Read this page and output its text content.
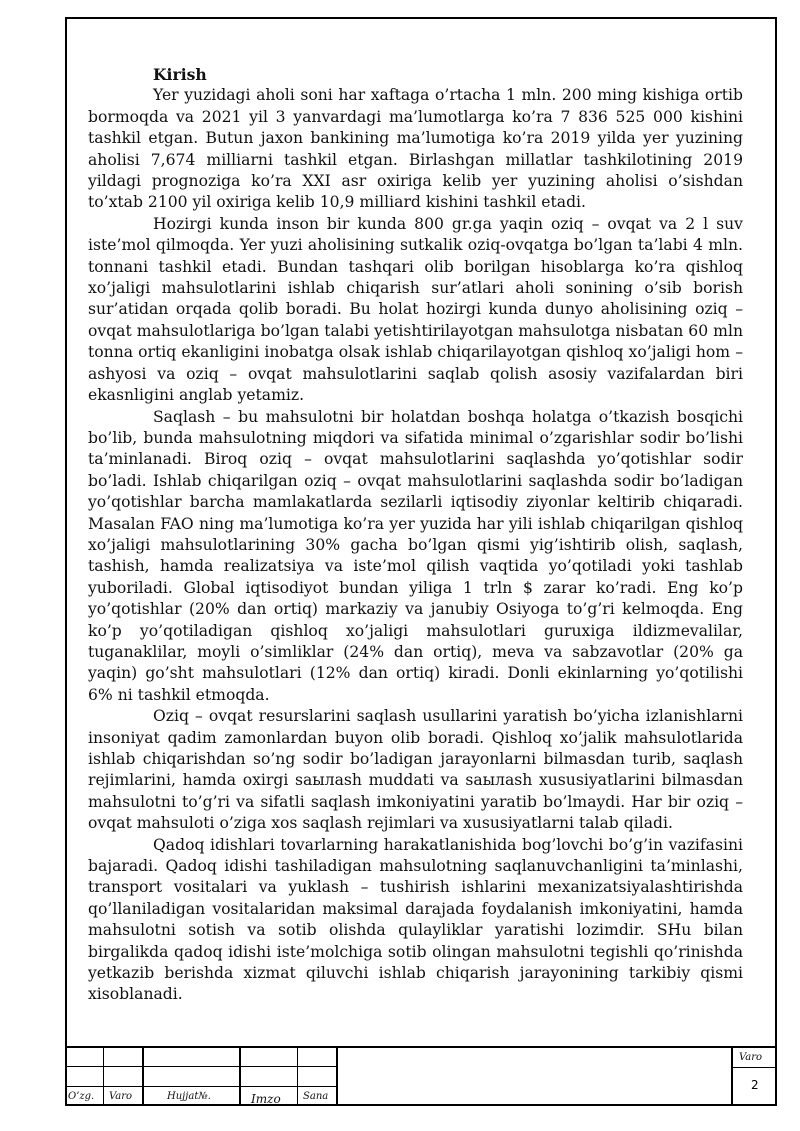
Kirish

Yer yuzidagi aholi soni har xaftaga o’rtacha 1 mln. 200 ming kishiga ortib bormoqda va 2021 yil 3 yanvardagi ma’lumotlarga ko’ra 7 836 525 000 kishini tashkil etgan. Butun jaxon bankining ma’lumotiga ko’ra 2019 yilda yer yuzining aholisi 7,674 milliarni tashkil etgan. Birlashgan millatlar tashkilotining 2019 yildagi prognoziga ko’ra XXI asr oxiriga kelib yer yuzining aholisi o’sishdan to’xtab 2100 yil oxiriga kelib 10,9 milliard kishini tashkil etadi.

Hozirgi kunda inson bir kunda 800 gr.ga yaqin oziq – ovqat va 2 l suv iste’mol qilmoqda. Yer yuzi aholisining sutkalik oziq-ovqatga bo’lgan ta’labi 4 mln. tonnani tashkil etadi. Bundan tashqari olib borilgan hisoblarga ko’ra qishloq xo’jaligi mahsulotlarini ishlab chiqarish sur’atlari aholi sonining o’sib borish sur’atidan orqada qolib boradi. Bu holat hozirgi kunda dunyo aholisining oziq – ovqat mahsulotlariga bo’lgan talabi yetishtirilayotgan mahsulotga nisbatan 60 mln tonna ortiq ekanligini inobatga olsak ishlab chiqarilayotgan qishloq xo’jaligi hom – ashyosi va oziq – ovqat mahsulotlarini saqlab qolish asosiy vazifalardan biri ekasnligini anglab yetamiz.

Saqlash – bu mahsulotni bir holatdan boshqa holatga o’tkazish bosqichi bo’lib, bunda mahsulotning miqdori va sifatida minimal o’zgarishlar sodir bo’lishi ta’minlanadi. Biroq oziq – ovqat mahsulotlarini saqlashda yo’qotishlar sodir bo’ladi. Ishlab chiqarilgan oziq – ovqat mahsulotlarini saqlashda sodir bo’ladigan yo’qotishlar barcha mamlakatlarda sezilarli iqtisodiy ziyonlar keltirib chiqaradi. Masalan FAO ning ma’lumotiga ko’ra yer yuzida har yili ishlab chiqarilgan qishloq xo’jaligi mahsulotlarining 30% gacha bo’lgan qismi yig’ishtirib olish, saqlash, tashish, hamda realizatsiya va iste’mol qilish vaqtida yo’qotiladi yoki tashlab yuboriladi. Global iqtisodiyot bundan yiliga 1 trln $ zarar ko’radi. Eng ko’p yo’qotishlar (20% dan ortiq) markaziy va janubiy Osiyoga to’g’ri kelmoqda. Eng ko’p yo’qotiladigan qishloq xo’jaligi mahsulotlari guruxiga ildizmevalilar, tuganaklilar, moyli o’simliklar (24% dan ortiq), meva va sabzavotlar (20% ga yaqin) go’sht mahsulotlari (12% dan ortiq) kiradi. Donli ekinlarning yo’qotilishi 6% ni tashkil etmoqda.

Oziq – ovqat resurslarini saqlash usullarini yaratish bo’yicha izlanishlarni insoniyat qadim zamonlardan buyon olib boradi. Qishloq xo’jalik mahsulotlarida ishlab chiqarishdan so’ng sodir bo’ladigan jarayonlarni bilmasdan turib, saqlash rejimlarini, hamda oxirgi saылash muddati va saылash xususiyatlarini bilmasdan mahsulotni to’g’ri va sifatli saqlash imkoniyatini yaratib bo’lmaydi. Har bir oziq – ovqat mahsuloti o’ziga xos saqlash rejimlari va xususiyatlarni talab qiladi.

Qadoq idishlari tovarlarning harakatlanishida bog’lovchi bo’g’in vazifasini bajaradi. Qadoq idishi tashiladigan mahsulotning saqlanuvchanligini ta’minlashi, transport vositalari va yuklash – tushirish ishlarini mexanizatsiyalashtirishda qo’llaniladigan vositalaridan maksimal darajada foydalanish imkoniyatini, hamda mahsulotni sotish va sotib olishda qulayliklar yaratishi lozimdir. SHu bilan birgalikda qadoq idishi iste’molchiga sotib olingan mahsulotni tegishli qo’rinishda yetkazib berishda xizmat qiluvchi ishlab chiqarish jarayonining tarkibiy qismi xisoblanadi.

O’zg. Varo	Hujjat№.	Imzo Sana
Varo
2
